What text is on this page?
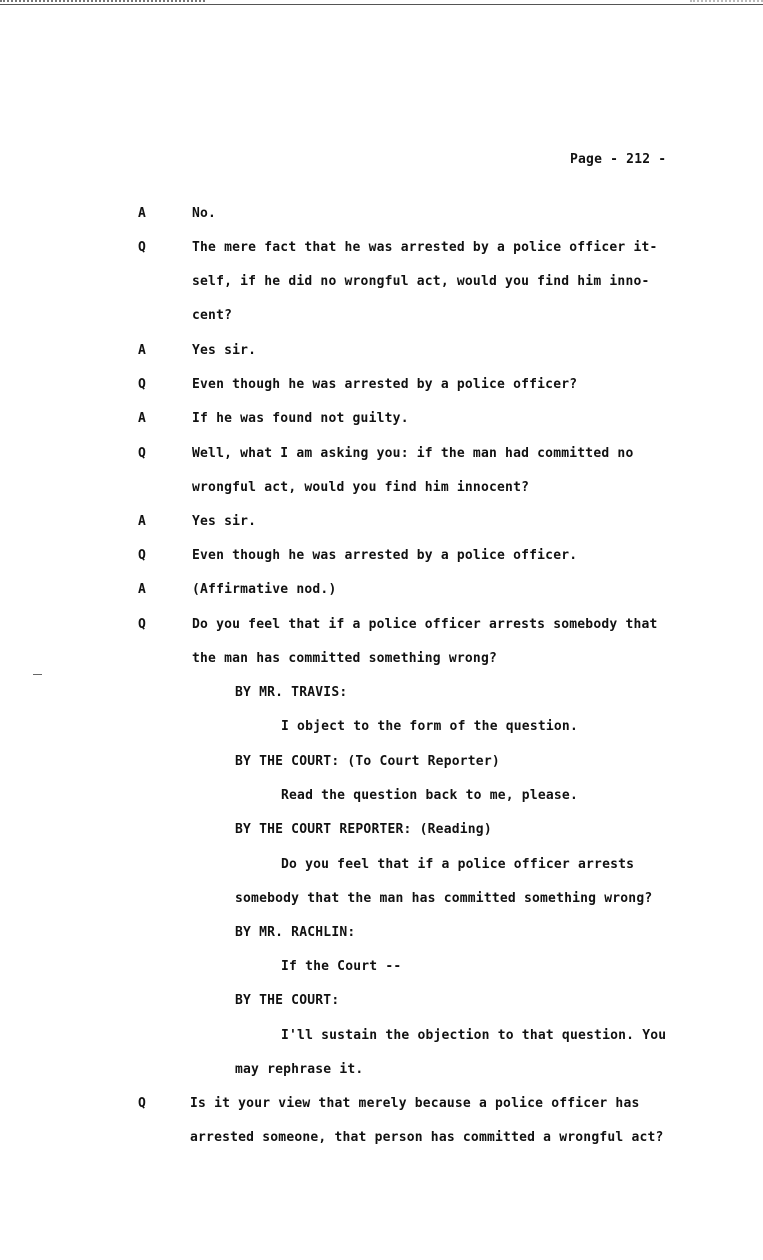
Page - 212 -
A	No.
Q	The mere fact that he was arrested by a police officer it-
self, if he did no wrongful act, would you find him inno-
cent?
A	Yes sir.
Q	Even though he was arrested by a police officer?
A	If he was found not guilty.
Q	Well, what I am asking you: if the man had committed no
wrongful act, would you find him innocent?
A	Yes sir.
Q	Even though he was arrested by a police officer.
A	(Affirmative nod.)
Q	Do you feel that if a police officer arrests somebody that
the man has committed something wrong?
BY MR. TRAVIS:
I object to the form of the question.
BY THE COURT: (To Court Reporter)
Read the question back to me, please.
BY THE COURT REPORTER: (Reading)
Do you feel that if a police officer arrests
somebody that the man has committed something wrong?
BY MR. RACHLIN:
If the Court --
BY THE COURT:
I'll sustain the objection to that question. You
may rephrase it.
Q	Is it your view that merely because a police officer has
arrested someone, that person has committed a wrongful act?
